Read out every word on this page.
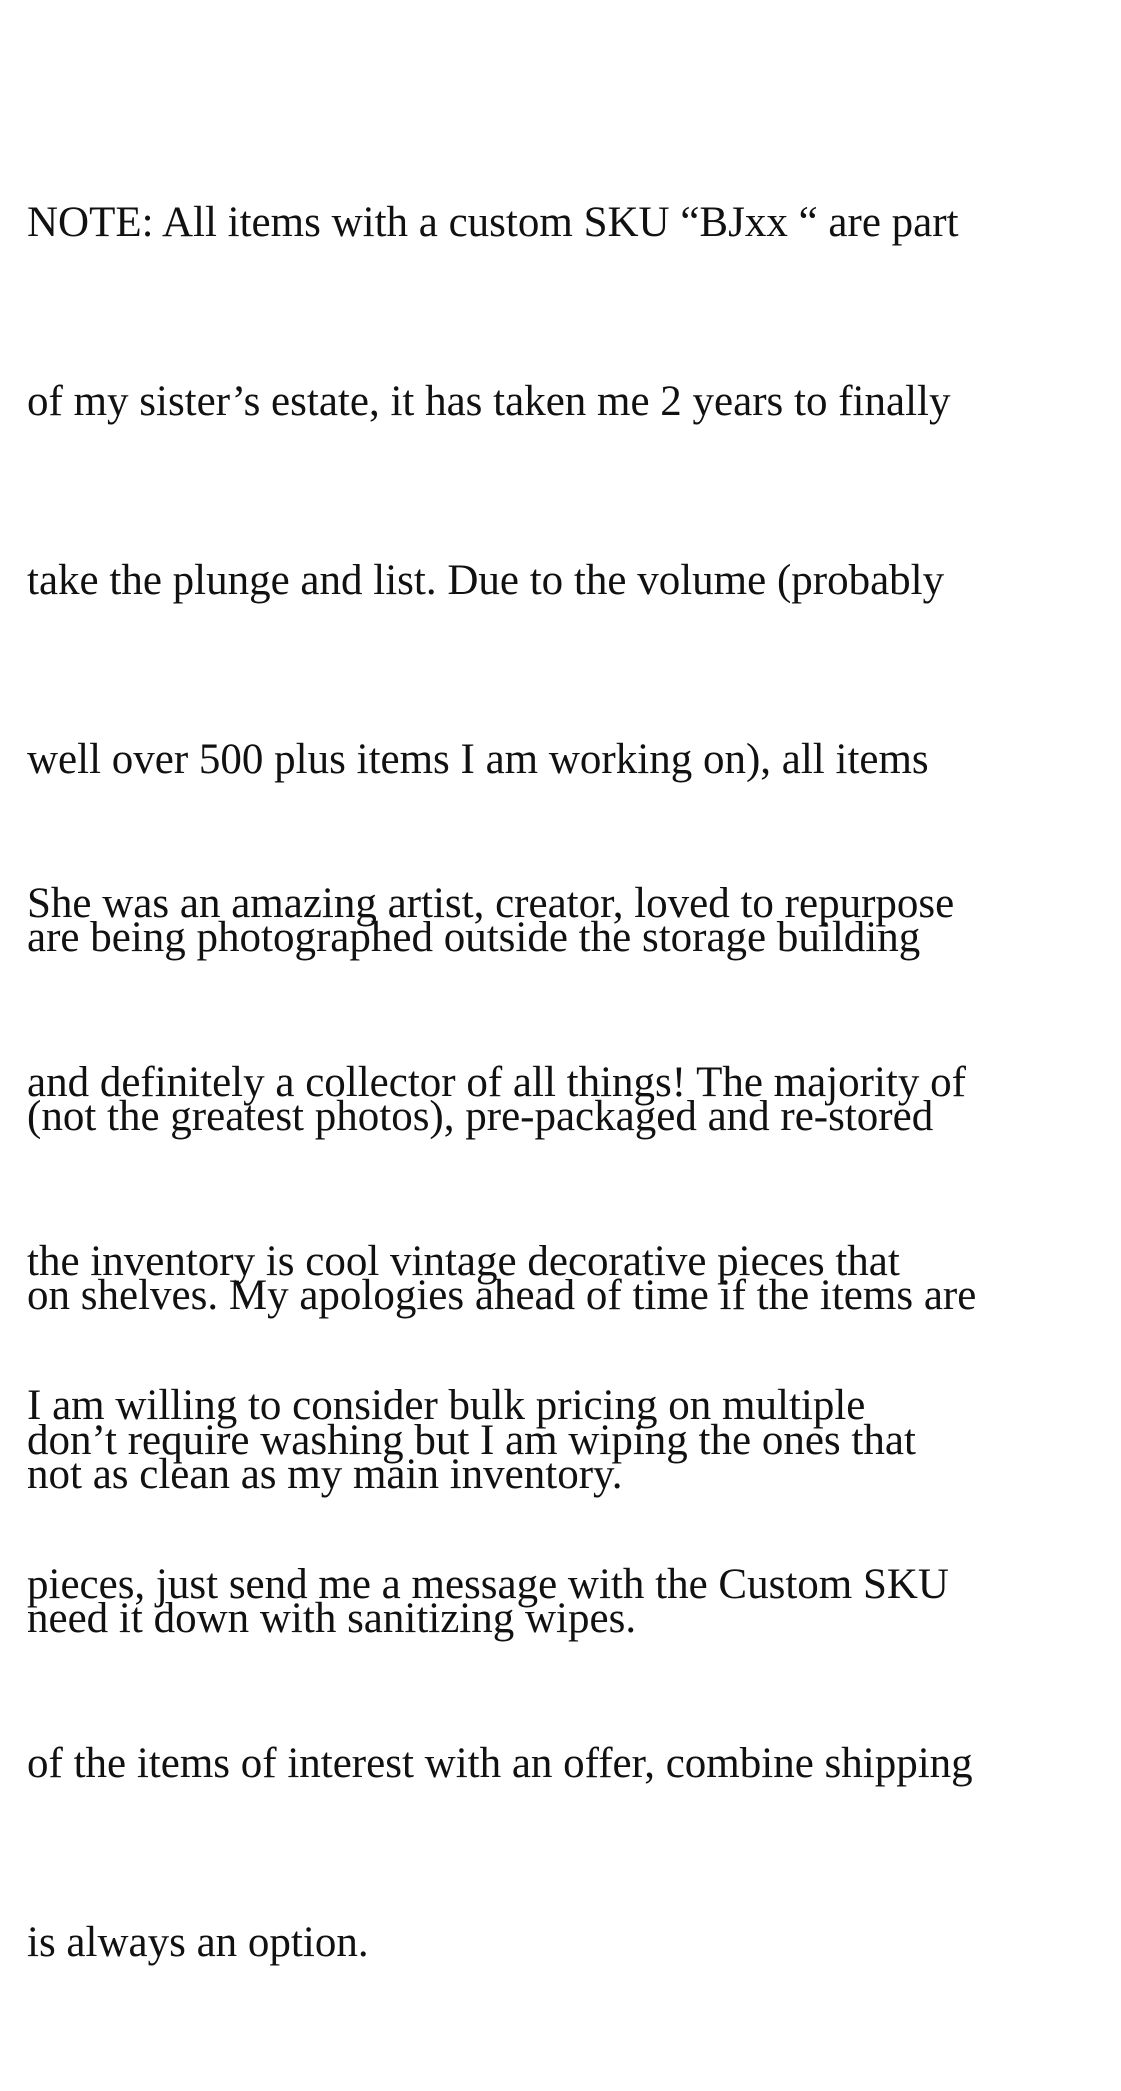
NOTE: All items with a custom SKU “BJxx “ are part

of my sister’s estate, it has taken me 2 years to finally

take the plunge and list. Due to the volume (probably

well over 500 plus items I am working on), all items

are being photographed outside the storage building

(not the greatest photos), pre-packaged and re-stored

on shelves. My apologies ahead of time if the items are

not as clean as my main inventory.

She was an amazing artist, creator, loved to repurpose

and definitely a collector of all things! The majority of

the inventory is cool vintage decorative pieces that

don’t require washing but I am wiping the ones that

need it down with sanitizing wipes.

I am willing to consider bulk pricing on multiple

pieces, just send me a message with the Custom SKU

of the items of interest with an offer, combine shipping

is always an option.
